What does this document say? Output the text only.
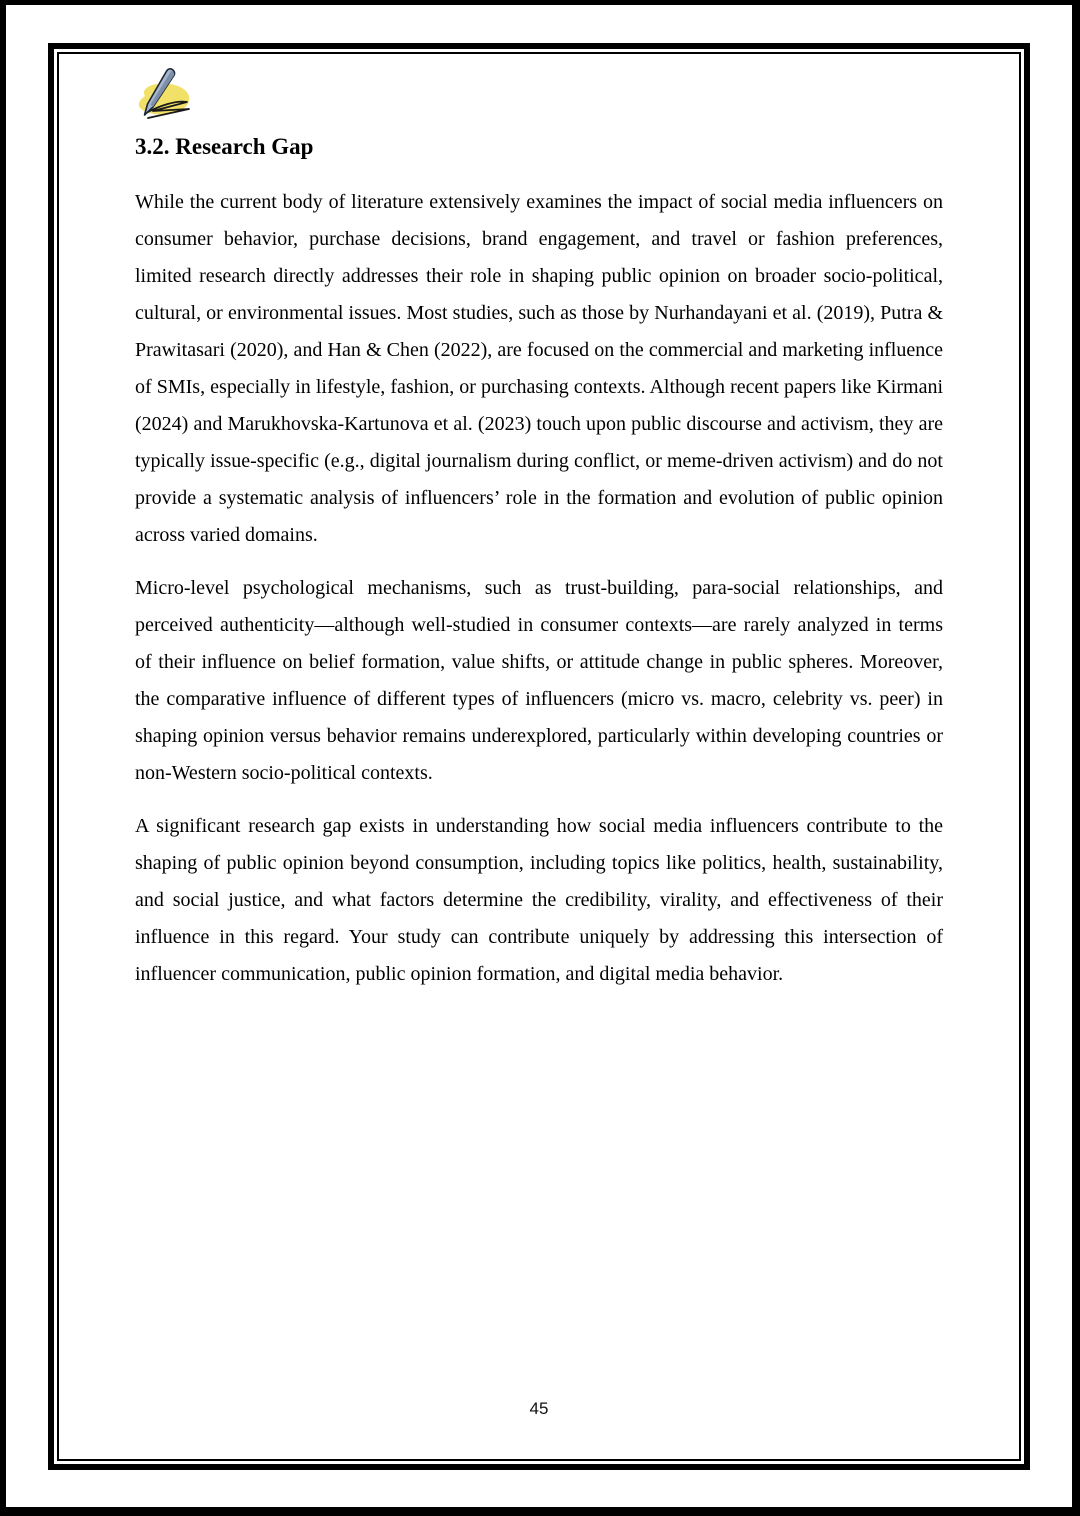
3.2. Research Gap

While the current body of literature extensively examines the impact of social media influencers on consumer behavior, purchase decisions, brand engagement, and travel or fashion preferences, limited research directly addresses their role in shaping public opinion on broader socio-political, cultural, or environmental issues. Most studies, such as those by Nurhandayani et al. (2019), Putra & Prawitasari (2020), and Han & Chen (2022), are focused on the commercial and marketing influence of SMIs, especially in lifestyle, fashion, or purchasing contexts. Although recent papers like Kirmani (2024) and Marukhovska-Kartunova et al. (2023) touch upon public discourse and activism, they are typically issue-specific (e.g., digital journalism during conflict, or meme-driven activism) and do not provide a systematic analysis of influencers’ role in the formation and evolution of public opinion across varied domains.

Micro-level psychological mechanisms, such as trust-building, para-social relationships, and perceived authenticity—although well-studied in consumer contexts—are rarely analyzed in terms of their influence on belief formation, value shifts, or attitude change in public spheres. Moreover, the comparative influence of different types of influencers (micro vs. macro, celebrity vs. peer) in shaping opinion versus behavior remains underexplored, particularly within developing countries or non-Western socio-political contexts.

A significant research gap exists in understanding how social media influencers contribute to the shaping of public opinion beyond consumption, including topics like politics, health, sustainability, and social justice, and what factors determine the credibility, virality, and effectiveness of their influence in this regard. Your study can contribute uniquely by addressing this intersection of influencer communication, public opinion formation, and digital media behavior.

45
